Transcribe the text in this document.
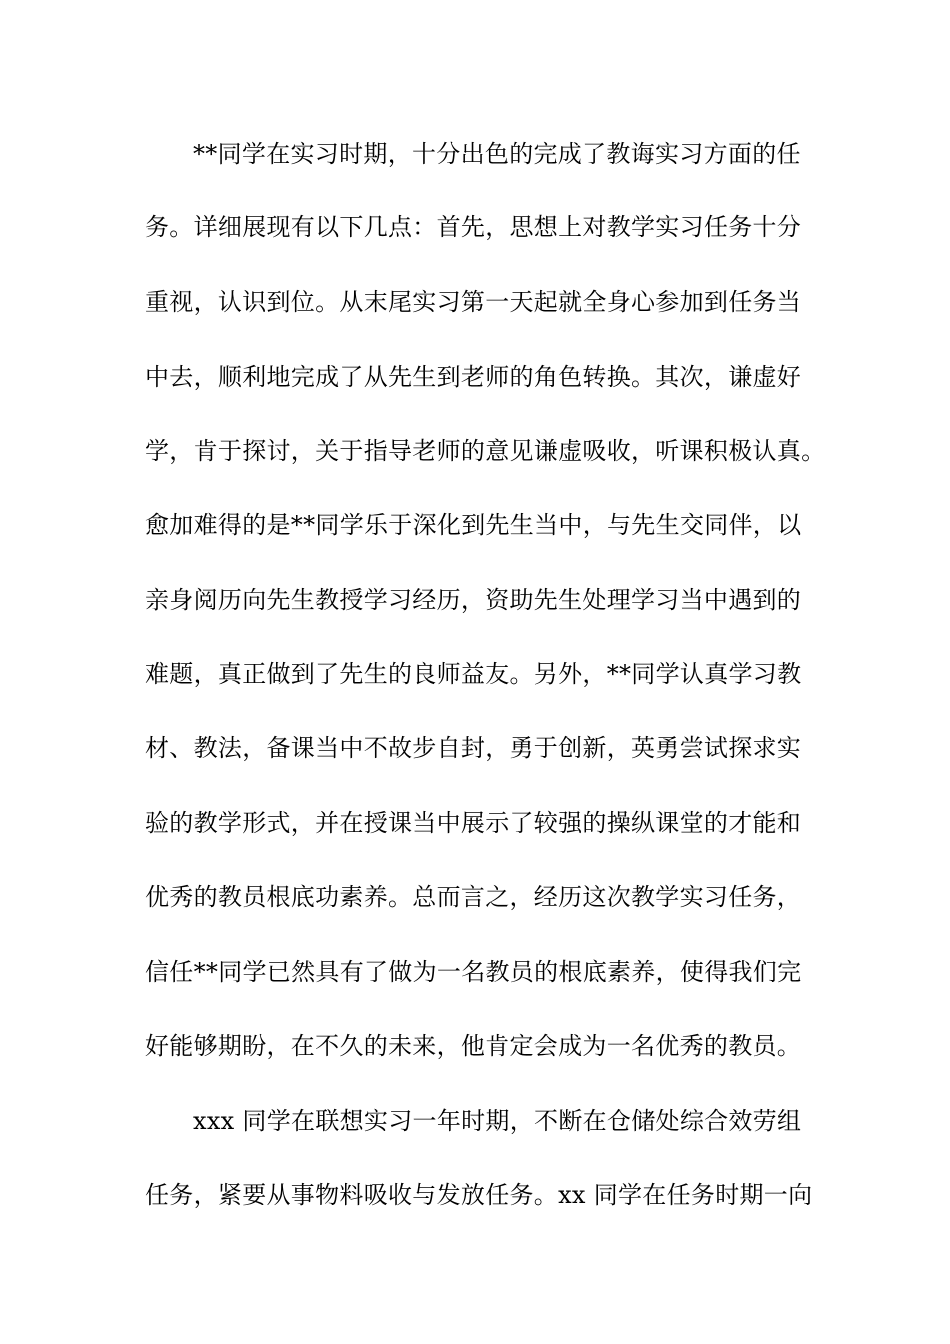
**同学在实习时期，十分出色的完成了教诲实习方面的任
务。详细展现有以下几点：首先，思想上对教学实习任务十分
重视，认识到位。从末尾实习第一天起就全身心参加到任务当
中去，顺利地完成了从先生到老师的角色转换。其次，谦虚好
学，肯于探讨，关于指导老师的意见谦虚吸收，听课积极认真。
愈加难得的是**同学乐于深化到先生当中，与先生交同伴，以
亲身阅历向先生教授学习经历，资助先生处理学习当中遇到的
难题，真正做到了先生的良师益友。另外，**同学认真学习教
材、教法，备课当中不故步自封，勇于创新，英勇尝试探求实
验的教学形式，并在授课当中展示了较强的操纵课堂的才能和
优秀的教员根底功素养。总而言之，经历这次教学实习任务，
信任**同学已然具有了做为一名教员的根底素养，使得我们完
好能够期盼，在不久的未来，他肯定会成为一名优秀的教员。
xxx 同学在联想实习一年时期，不断在仓储处综合效劳组
任务，紧要从事物料吸收与发放任务。xx 同学在任务时期一向
